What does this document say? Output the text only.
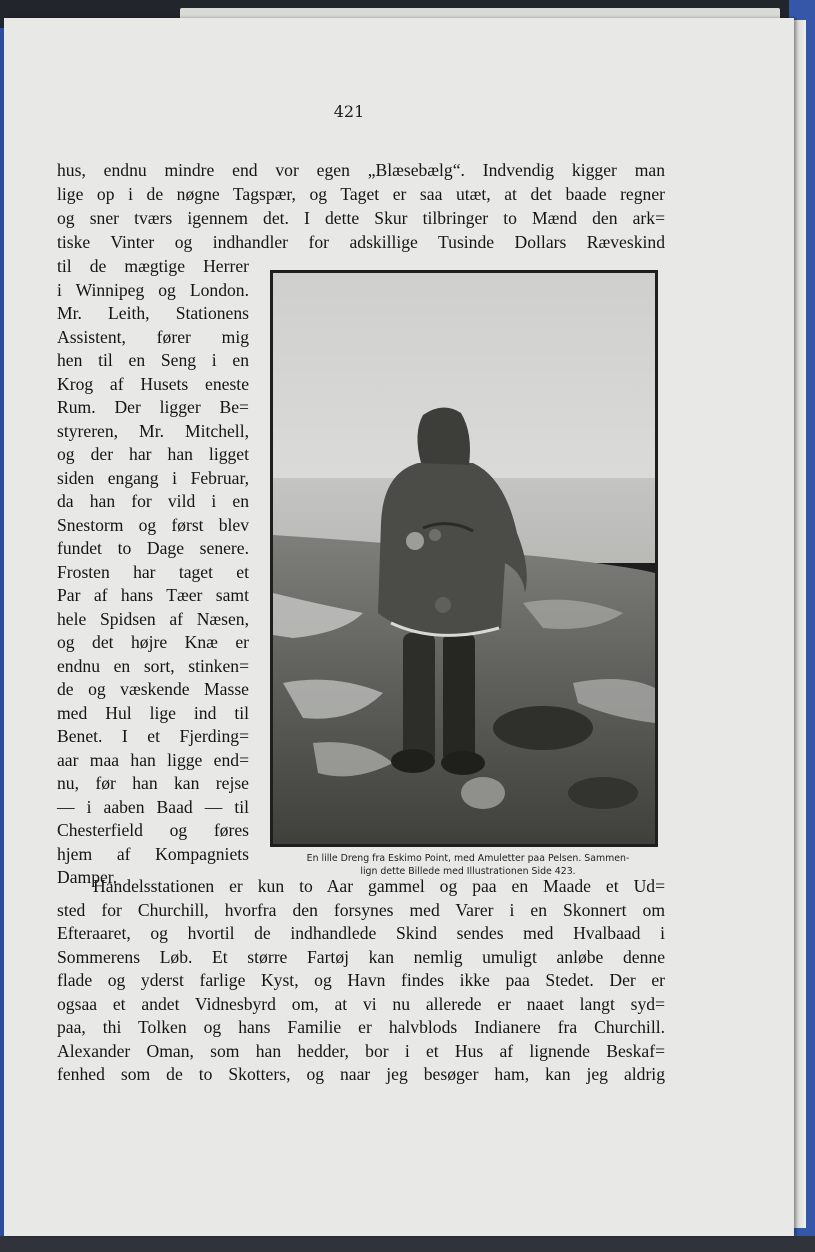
421
hus, endnu mindre end vor egen „Blæsebælg“. Indvendig kigger man
lige op i de nøgne Tagspær, og Taget er saa utæt, at det baade regner
og sner tværs igennem det. I dette Skur tilbringer to Mænd den ark=
tiske Vinter og indhandler for adskillige Tusinde Dollars Ræveskind
til de mægtige Herrer
i Winnipeg og London.
Mr. Leith, Stationens
Assistent, fører mig
hen til en Seng i en
Krog af Husets eneste
Rum. Der ligger Be=
styreren, Mr. Mitchell,
og der har han ligget
siden engang i Februar,
da han for vild i en
Snestorm og først blev
fundet to Dage senere.
Frosten har taget et
Par af hans Tæer samt
hele Spidsen af Næsen,
og det højre Knæ er
endnu en sort, stinken=
de og væskende Masse
med Hul lige ind til
Benet. I et Fjerding=
aar maa han ligge end=
nu, før han kan rejse
— i aaben Baad — til
Chesterfield og føres
hjem af Kompagniets
Damper.
En lille Dreng fra Eskimo Point, med Amuletter paa Pelsen. Sammen-
lign dette Billede med Illustrationen Side 423.
Handelsstationen er kun to Aar gammel og paa en Maade et Ud=
sted for Churchill, hvorfra den forsynes med Varer i en Skonnert om
Efteraaret, og hvortil de indhandlede Skind sendes med Hvalbaad i
Sommerens Løb. Et større Fartøj kan nemlig umuligt anløbe denne
flade og yderst farlige Kyst, og Havn findes ikke paa Stedet. Der er
ogsaa et andet Vidnesbyrd om, at vi nu allerede er naaet langt syd=
paa, thi Tolken og hans Familie er halvblods Indianere fra Churchill.
Alexander Oman, som han hedder, bor i et Hus af lignende Beskaf=
fenhed som de to Skotters, og naar jeg besøger ham, kan jeg aldrig
